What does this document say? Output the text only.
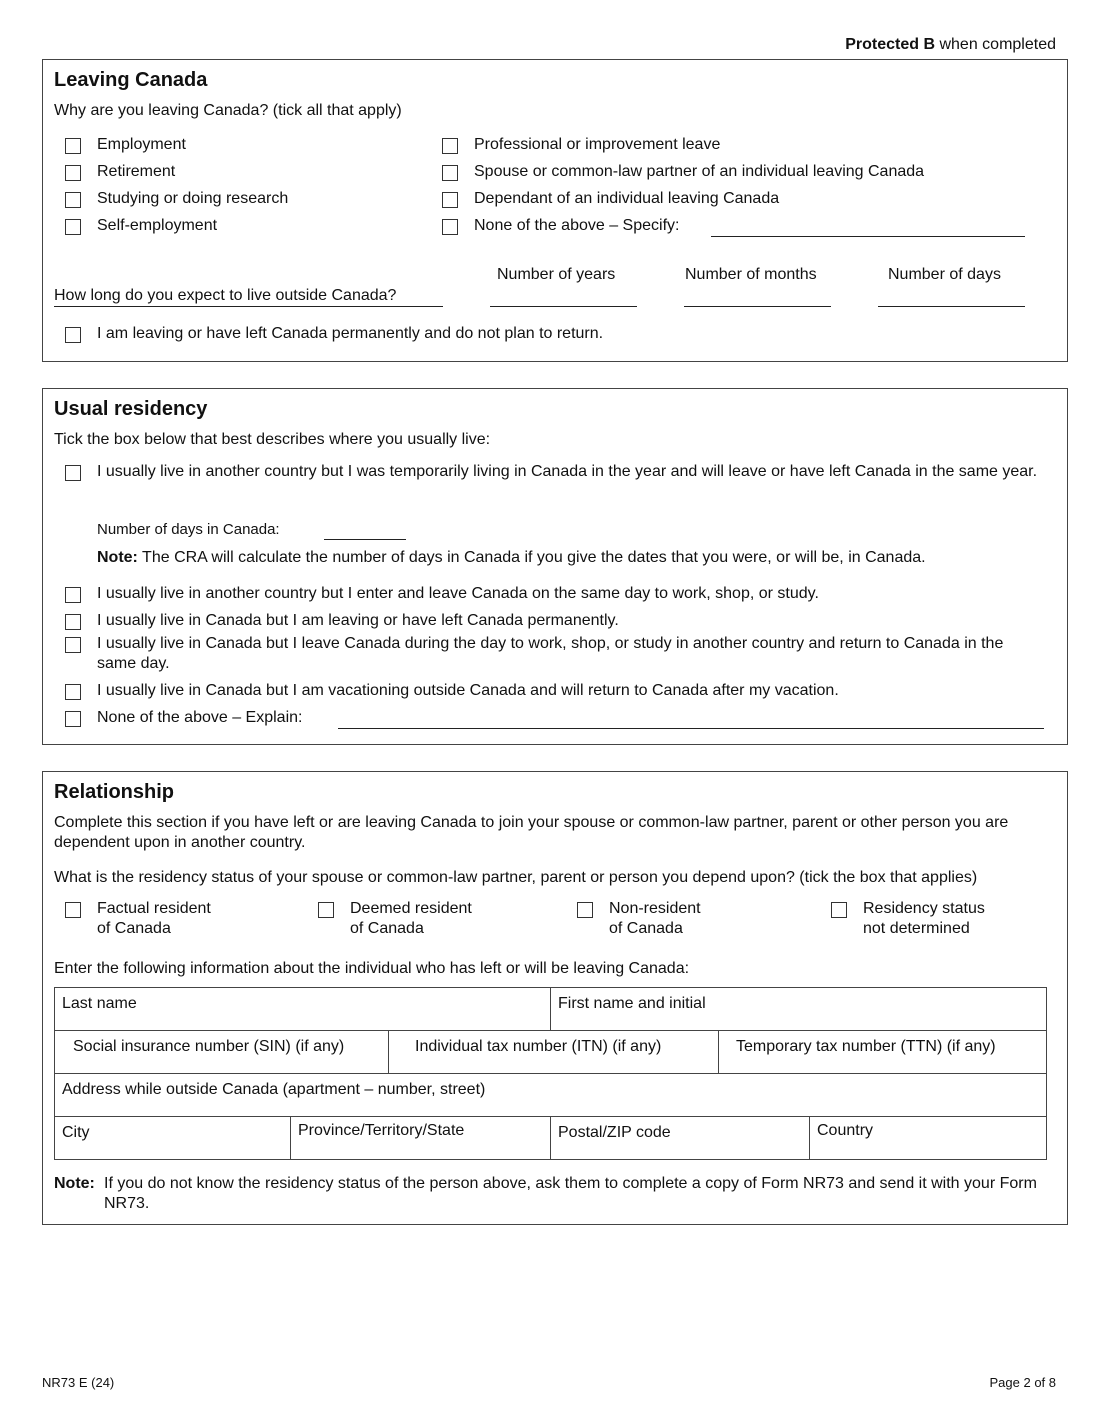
Protected B when completed
Leaving Canada
Why are you leaving Canada? (tick all that apply)
Employment
Retirement
Studying or doing research
Self-employment
Professional or improvement leave
Spouse or common-law partner of an individual leaving Canada
Dependant of an individual leaving Canada
None of the above – Specify:
Number of years	Number of months	Number of days
How long do you expect to live outside Canada?
I am leaving or have left Canada permanently and do not plan to return.
Usual residency
Tick the box below that best describes where you usually live:
I usually live in another country but I was temporarily living in Canada in the year and will leave or have left Canada in the same year.
Number of days in Canada:
Note: The CRA will calculate the number of days in Canada if you give the dates that you were, or will be, in Canada.
I usually live in another country but I enter and leave Canada on the same day to work, shop, or study.
I usually live in Canada but I am leaving or have left Canada permanently.
I usually live in Canada but I leave Canada during the day to work, shop, or study in another country and return to Canada in the same day.
I usually live in Canada but I am vacationing outside Canada and will return to Canada after my vacation.
None of the above – Explain:
Relationship
Complete this section if you have left or are leaving Canada to join your spouse or common-law partner, parent or other person you are dependent upon in another country.
What is the residency status of your spouse or common-law partner, parent or person you depend upon? (tick the box that applies)
Factual resident
of Canada
Deemed resident
of Canada
Non-resident
of Canada
Residency status
not determined
Enter the following information about the individual who has left or will be leaving Canada:
Last name	First name and initial
Social insurance number (SIN) (if any)	Individual tax number (ITN) (if any)	Temporary tax number (TTN) (if any)
Address while outside Canada (apartment – number, street)
City	Province/Territory/State	Postal/ZIP code	Country
Note: If you do not know the residency status of the person above, ask them to complete a copy of Form NR73 and send it with your Form NR73.
NR73 E (24)	Page 2 of 8
